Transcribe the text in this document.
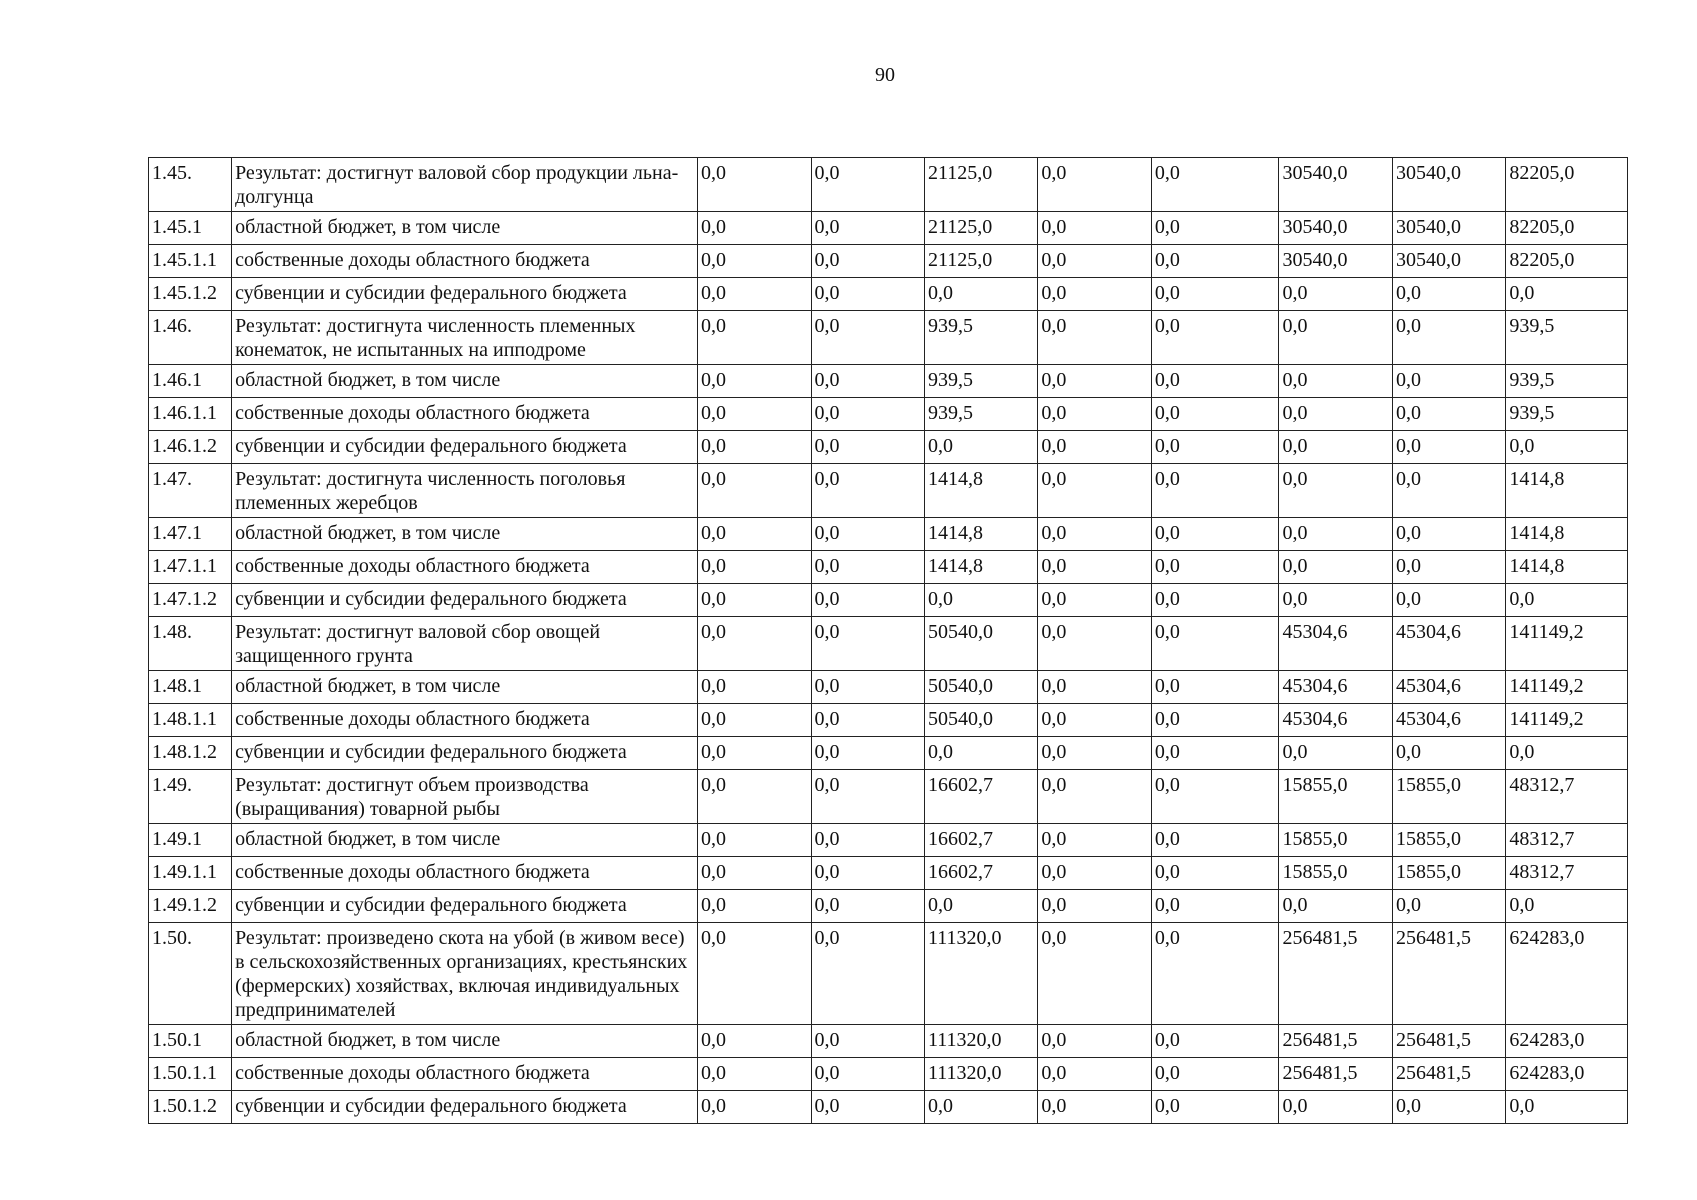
90
1.45.	Результат: достигнут валовой сбор продукции льна-долгунца	0,0	0,0	21125,0	0,0	0,0	30540,0	30540,0	82205,0
1.45.1	областной бюджет, в том числе	0,0	0,0	21125,0	0,0	0,0	30540,0	30540,0	82205,0
1.45.1.1	собственные доходы областного бюджета	0,0	0,0	21125,0	0,0	0,0	30540,0	30540,0	82205,0
1.45.1.2	субвенции и субсидии федерального бюджета	0,0	0,0	0,0	0,0	0,0	0,0	0,0	0,0
1.46.	Результат: достигнута численность племенных конематок, не испытанных на ипподроме	0,0	0,0	939,5	0,0	0,0	0,0	0,0	939,5
1.46.1	областной бюджет, в том числе	0,0	0,0	939,5	0,0	0,0	0,0	0,0	939,5
1.46.1.1	собственные доходы областного бюджета	0,0	0,0	939,5	0,0	0,0	0,0	0,0	939,5
1.46.1.2	субвенции и субсидии федерального бюджета	0,0	0,0	0,0	0,0	0,0	0,0	0,0	0,0
1.47.	Результат: достигнута численность поголовья племенных жеребцов	0,0	0,0	1414,8	0,0	0,0	0,0	0,0	1414,8
1.47.1	областной бюджет, в том числе	0,0	0,0	1414,8	0,0	0,0	0,0	0,0	1414,8
1.47.1.1	собственные доходы областного бюджета	0,0	0,0	1414,8	0,0	0,0	0,0	0,0	1414,8
1.47.1.2	субвенции и субсидии федерального бюджета	0,0	0,0	0,0	0,0	0,0	0,0	0,0	0,0
1.48.	Результат: достигнут валовой сбор овощей защищенного грунта	0,0	0,0	50540,0	0,0	0,0	45304,6	45304,6	141149,2
1.48.1	областной бюджет, в том числе	0,0	0,0	50540,0	0,0	0,0	45304,6	45304,6	141149,2
1.48.1.1	собственные доходы областного бюджета	0,0	0,0	50540,0	0,0	0,0	45304,6	45304,6	141149,2
1.48.1.2	субвенции и субсидии федерального бюджета	0,0	0,0	0,0	0,0	0,0	0,0	0,0	0,0
1.49.	Результат: достигнут объем производства (выращивания) товарной рыбы	0,0	0,0	16602,7	0,0	0,0	15855,0	15855,0	48312,7
1.49.1	областной бюджет, в том числе	0,0	0,0	16602,7	0,0	0,0	15855,0	15855,0	48312,7
1.49.1.1	собственные доходы областного бюджета	0,0	0,0	16602,7	0,0	0,0	15855,0	15855,0	48312,7
1.49.1.2	субвенции и субсидии федерального бюджета	0,0	0,0	0,0	0,0	0,0	0,0	0,0	0,0
1.50.	Результат: произведено скота на убой (в живом весе) в сельскохозяйственных организациях, крестьянских (фермерских) хозяйствах, включая индивидуальных предпринимателей	0,0	0,0	111320,0	0,0	0,0	256481,5	256481,5	624283,0
1.50.1	областной бюджет, в том числе	0,0	0,0	111320,0	0,0	0,0	256481,5	256481,5	624283,0
1.50.1.1	собственные доходы областного бюджета	0,0	0,0	111320,0	0,0	0,0	256481,5	256481,5	624283,0
1.50.1.2	субвенции и субсидии федерального бюджета	0,0	0,0	0,0	0,0	0,0	0,0	0,0	0,0
